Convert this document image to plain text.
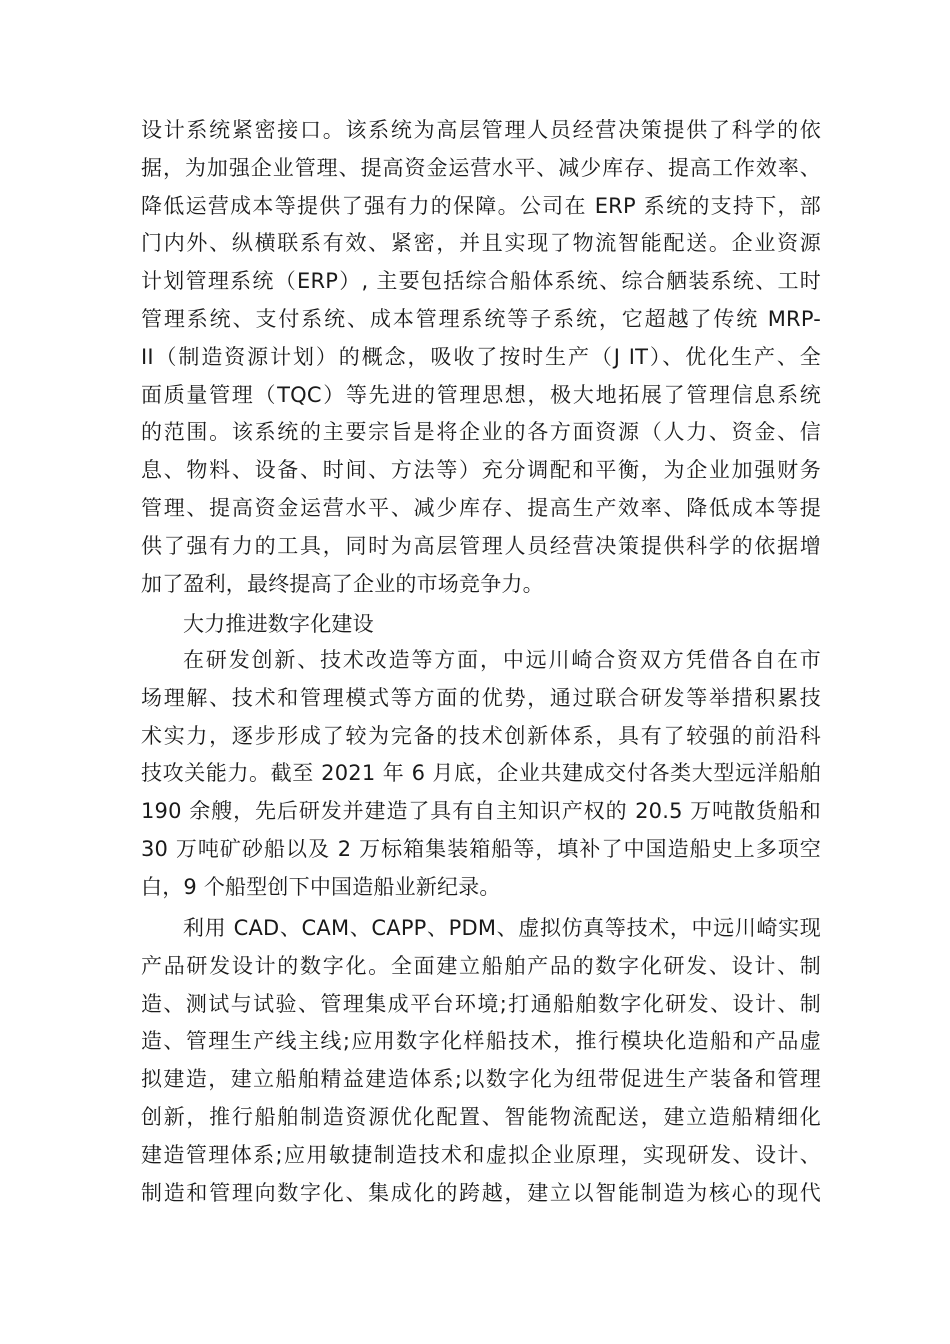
设计系统紧密接口。该系统为高层管理人员经营决策提供了科学的依
据，为加强企业管理、提高资金运营水平、减少库存、提高工作效率、
降低运营成本等提供了强有力的保障。公司在 ERP 系统的支持下，部
门内外、纵横联系有效、紧密，并且实现了物流智能配送。企业资源
计划管理系统（ERP）, 主要包括综合船体系统、综合舾装系统、工时
管理系统、支付系统、成本管理系统等子系统，它超越了传统 MRP-
II（制造资源计划）的概念，吸收了按时生产（J IT）、优化生产、全
面质量管理（TQC）等先进的管理思想，极大地拓展了管理信息系统
的范围。该系统的主要宗旨是将企业的各方面资源（人力、资金、信
息、物料、设备、时间、方法等）充分调配和平衡，为企业加强财务
管理、提高资金运营水平、减少库存、提高生产效率、降低成本等提
供了强有力的工具，同时为高层管理人员经营决策提供科学的依据增
加了盈利，最终提高了企业的市场竞争力。
大力推进数字化建设
在研发创新、技术改造等方面，中远川崎合资双方凭借各自在市
场理解、技术和管理模式等方面的优势，通过联合研发等举措积累技
术实力，逐步形成了较为完备的技术创新体系，具有了较强的前沿科
技攻关能力。截至 2021 年 6 月底，企业共建成交付各类大型远洋船舶
190 余艘，先后研发并建造了具有自主知识产权的 20.5 万吨散货船和
30 万吨矿砂船以及 2 万标箱集装箱船等，填补了中国造船史上多项空
白，9 个船型创下中国造船业新纪录。
利用 CAD、CAM、CAPP、PDM、虚拟仿真等技术，中远川崎实现
产品研发设计的数字化。全面建立船舶产品的数字化研发、设计、制
造、测试与试验、管理集成平台环境;打通船舶数字化研发、设计、制
造、管理生产线主线;应用数字化样船技术，推行模块化造船和产品虚
拟建造，建立船舶精益建造体系;以数字化为纽带促进生产装备和管理
创新，推行船舶制造资源优化配置、智能物流配送，建立造船精细化
建造管理体系;应用敏捷制造技术和虚拟企业原理，实现研发、设计、
制造和管理向数字化、集成化的跨越，建立以智能制造为核心的现代
